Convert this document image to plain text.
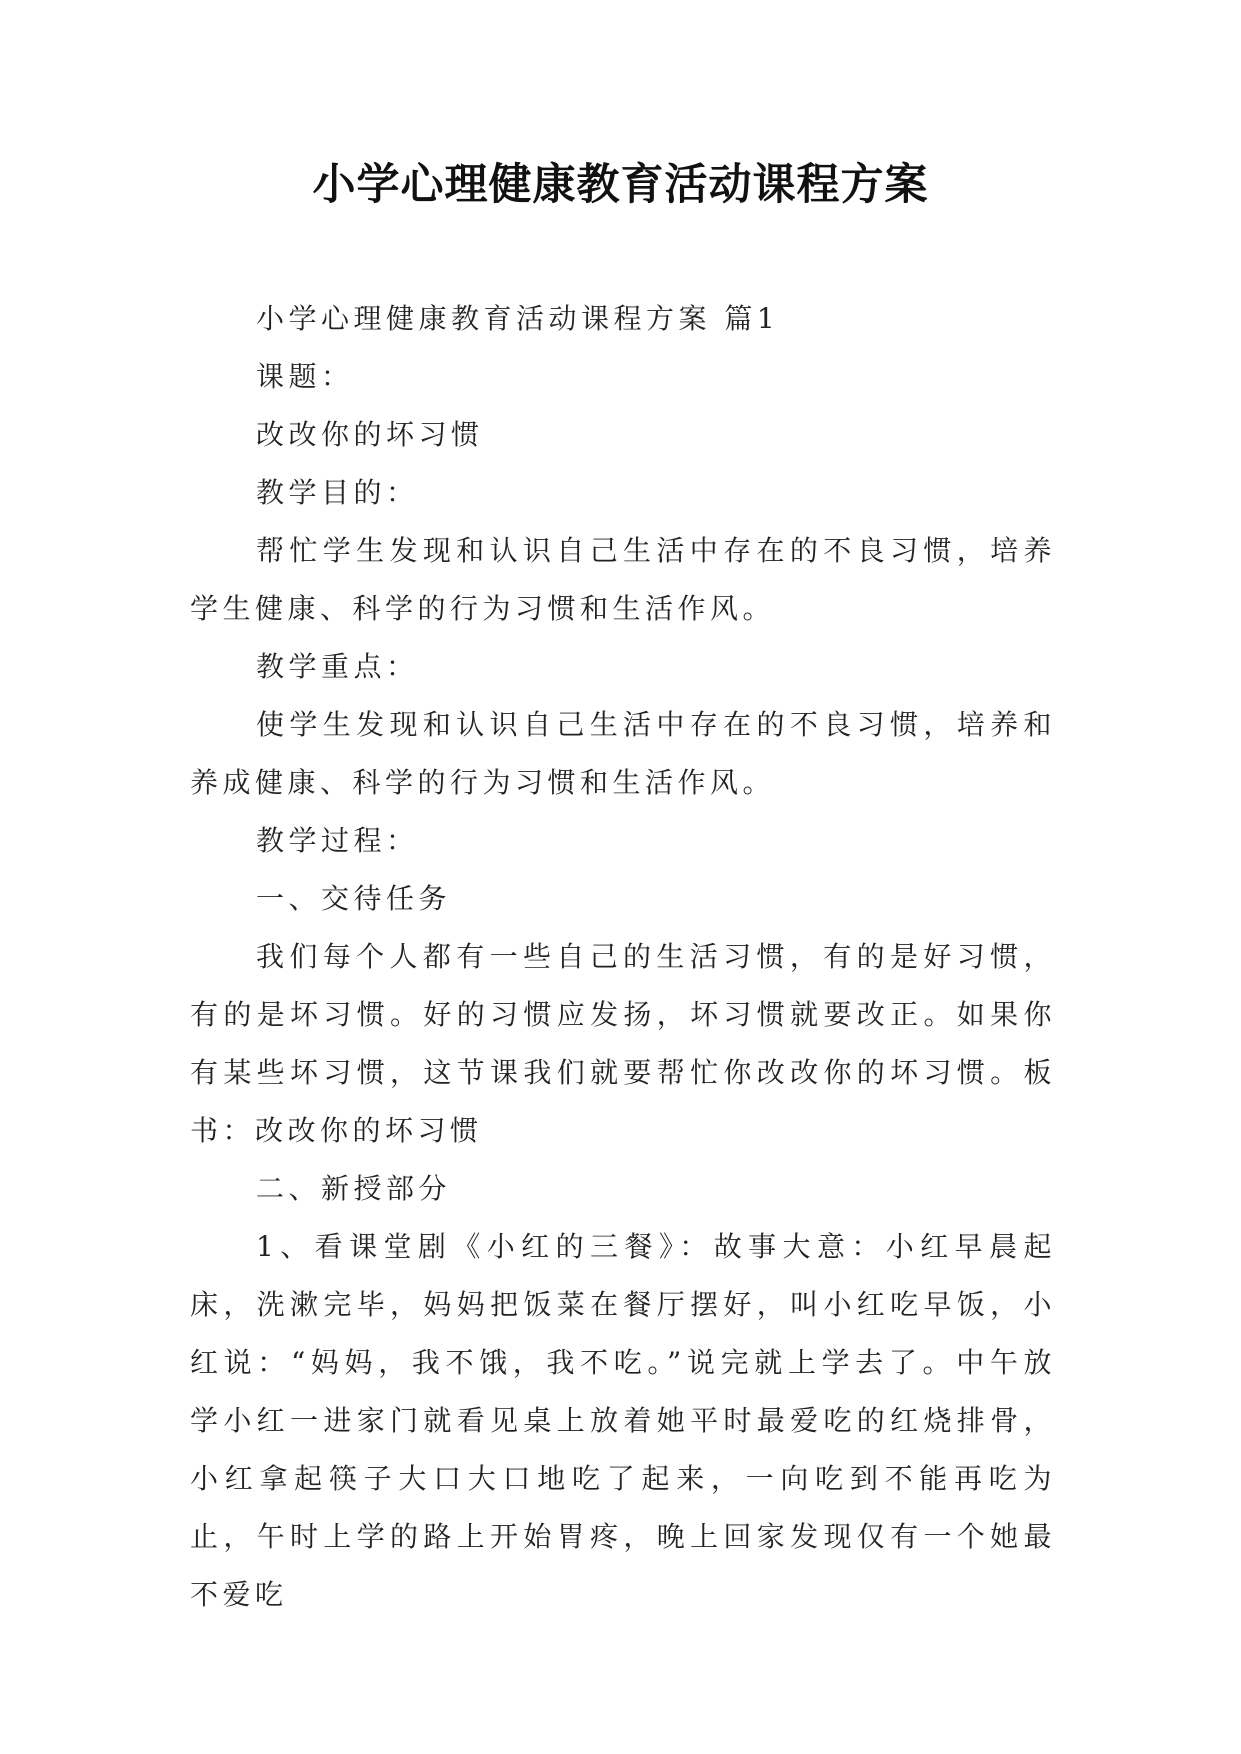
小学心理健康教育活动课程方案

小学心理健康教育活动课程方案 篇1

课题：

改改你的坏习惯

教学目的：

帮忙学生发现和认识自己生活中存在的不良习惯，培养学生健康、科学的行为习惯和生活作风。

教学重点：

使学生发现和认识自己生活中存在的不良习惯，培养和养成健康、科学的行为习惯和生活作风。

教学过程：

一、交待任务

我们每个人都有一些自己的生活习惯，有的是好习惯，有的是坏习惯。好的习惯应发扬，坏习惯就要改正。如果你有某些坏习惯，这节课我们就要帮忙你改改你的坏习惯。板书：改改你的坏习惯

二、新授部分

1、看课堂剧《小红的三餐》：故事大意：小红早晨起床，洗漱完毕，妈妈把饭菜在餐厅摆好，叫小红吃早饭，小红说：“妈妈，我不饿，我不吃。”说完就上学去了。中午放学小红一进家门就看见桌上放着她平时最爱吃的红烧排骨，小红拿起筷子大口大口地吃了起来，一向吃到不能再吃为止，午时上学的路上开始胃疼，晚上回家发现仅有一个她最不爱吃
